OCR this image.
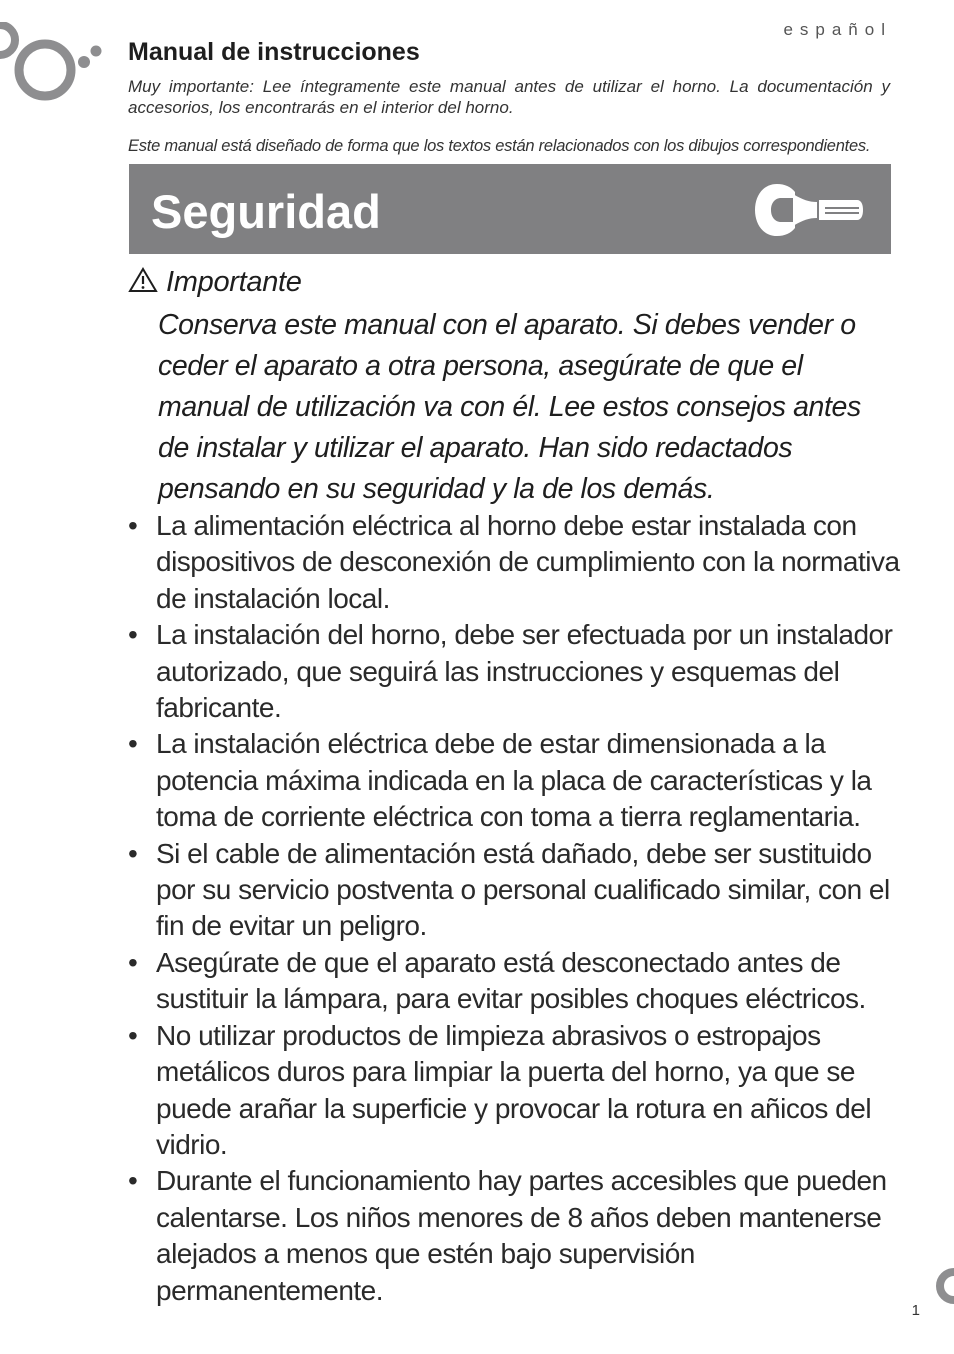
español
Manual de instrucciones

Muy importante: Lee íntegramente este manual antes de utilizar el horno. La documentación y accesorios, los encontrarás en el interior del horno.

Este manual está diseñado de forma que los textos están relacionados con los dibujos correspondientes.

Seguridad
Importante

Conserva este manual con el aparato. Si debes vender o ceder el aparato a otra persona, asegúrate de que el manual de utilización va con él. Lee estos consejos antes de instalar y utilizar el aparato. Han sido redactados pensando en su seguridad y la de los demás.

• La alimentación eléctrica al horno debe estar instalada con dispositivos de desconexión de cumplimiento con la normativa de instalación local.
• La instalación del horno, debe ser efectuada por un instalador autorizado, que seguirá las instrucciones y esquemas del fabricante.
• La instalación eléctrica debe de estar dimensionada a la potencia máxima indicada en la placa de características y la toma de corriente eléctrica con toma a tierra reglamentaria.
• Si el cable de alimentación está dañado, debe ser sustituido por su servicio postventa o personal cualificado similar, con el fin de evitar un peligro.
• Asegúrate de que el aparato está desconectado antes de sustituir la lámpara, para evitar posibles choques eléctricos.
• No utilizar productos de limpieza abrasivos o estropajos metálicos duros para limpiar la puerta del horno, ya que se puede arañar la superficie y provocar la rotura en añicos del vidrio.
• Durante el funcionamiento hay partes accesibles que pueden calentarse. Los niños menores de 8 años deben mantenerse alejados a menos que estén bajo supervisión permanentemente.
1
